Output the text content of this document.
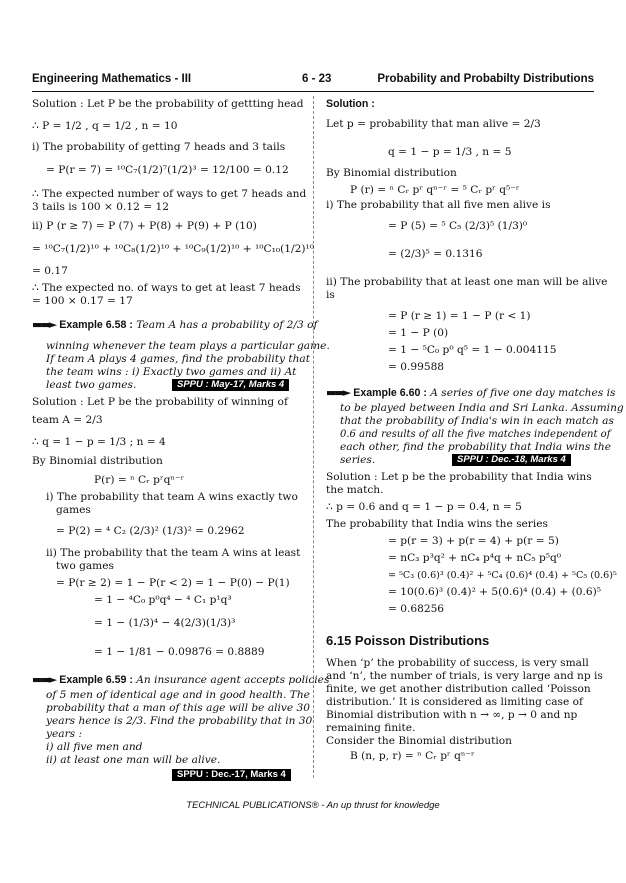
Engineering Mathematics - III	6 - 23	Probability and Probabilty Distributions
Solution : Let P be the probability of gettting head
∴ P = 1/2 , q = 1/2 , n = 10
i) The probability of getting 7 heads and 3 tails
= P(r = 7) = ¹⁰C₇(1/2)⁷(1/2)³ = 12/100 = 0.12
∴ The expected number of ways to get 7 heads and
3 tails is 100 × 0.12 = 12
ii) P (r ≥ 7) = P (7) + P(8) + P(9) + P (10)
= ¹⁰C₇(1/2)¹⁰ + ¹⁰C₈(1/2)¹⁰ + ¹⁰C₉(1/2)¹⁰ + ¹⁰C₁₀(1/2)¹⁰
= 0.17
∴ The expected no. of ways to get at least 7 heads
= 100 × 0.17 = 17
▬▬► Example 6.58 : Team A has a probability of 2/3 of
winning whenever the team plays a particular game.
If team A plays 4 games, find the probability that
the team wins : i) Exactly two games and ii) At
least two games.	SPPU : May-17, Marks 4
Solution : Let P be the probability of winning of
team A = 2/3
∴ q = 1 − p = 1/3 ; n = 4
By Binomial distribution
P(r) = ⁿ Cᵣ pʳqⁿ⁻ʳ
i) The probability that team A wins exactly two
games
= P(2) = ⁴ C₂ (2/3)² (1/3)² = 0.2962
ii) The probability that the team A wins at least
two games
= P(r ≥ 2) = 1 − P(r < 2) = 1 − P(0) − P(1)
= 1 − ⁴C₀ p⁰q⁴ − ⁴ C₁ p¹q³
= 1 − (1/3)⁴ − 4(2/3)(1/3)³
= 1 − 1/81 − 0.09876 = 0.8889
▬▬► Example 6.59 : An insurance agent accepts policies
of 5 men of identical age and in good health. The
probability that a man of this age will be alive 30
years hence is 2/3. Find the probability that in 30
years :
i) all five men and
ii) at least one man will be alive.
SPPU : Dec.-17, Marks 4
Solution :
Let p = probability that man alive = 2/3
q = 1 − p = 1/3 , n = 5
By Binomial distribution
P (r) = ⁿ Cᵣ pʳ qⁿ⁻ʳ = ⁵ Cᵣ pʳ q⁵⁻ʳ
i) The probability that all five men alive is
= P (5) = ⁵ C₅ (2/3)⁵ (1/3)⁰
= (2/3)⁵ = 0.1316
ii) The probability that at least one man will be alive
is
= P (r ≥ 1) = 1 − P (r < 1)
= 1 − P (0)
= 1 − ⁵C₀ p⁰ q⁵ = 1 − 0.004115
= 0.99588
▬▬► Example 6.60 : A series of five one day matches is
to be played between India and Sri Lanka. Assuming
that the probability of India's win in each match as
0.6 and results of all the five matches independent of
each other, find the probability that India wins the
series.	SPPU : Dec.-18, Marks 4
Solution : Let p be the probability that India wins
the match.
∴ p = 0.6 and q = 1 − p = 0.4, n = 5
The probability that India wins the series
= p(r = 3) + p(r = 4) + p(r = 5)
= nC₃ p³q² + nC₄ p⁴q + nC₅ p⁵q⁰
= ⁵C₃ (0.6)³ (0.4)² + ⁵C₄ (0.6)⁴ (0.4) + ⁵C₅ (0.6)⁵
= 10(0.6)³ (0.4)² + 5(0.6)⁴ (0.4) + (0.6)⁵
= 0.68256
6.15 Poisson Distributions
When ‘p’ the probability of success, is very small
and ‘n’, the number of trials, is very large and np is
finite, we get another distribution called ‘Poisson
distribution.’ It is considered as limiting case of
Binomial distribution with n → ∞, p → 0 and np
remaining finite.
Consider the Binomial distribution
B (n, p, r) = ⁿ Cᵣ pʳ qⁿ⁻ʳ
TECHNICAL PUBLICATIONS® - An up thrust for knowledge
